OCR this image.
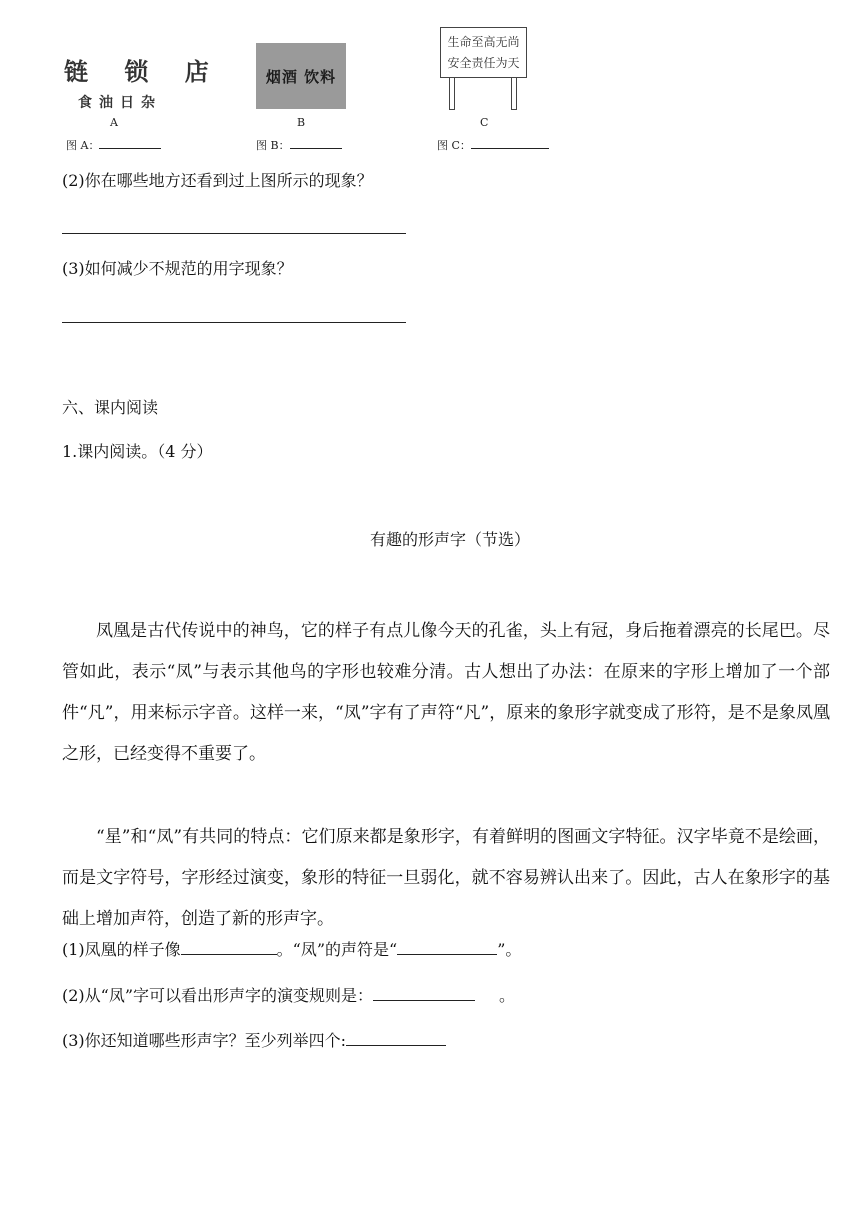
链 锁 店
食油日杂
A
图 A：
烟酒 饮料
B
图 B：
生命至高无尚
安全责任为天
C
图 C：
(2)你在哪些地方还看到过上图所示的现象？
(3)如何减少不规范的用字现象？
六、课内阅读
1.课内阅读。（4 分）
有趣的形声字（节选）
凤凰是古代传说中的神鸟，它的样子有点儿像今天的孔雀，头上有冠，身后拖着漂亮的长尾巴。尽管如此，表示“凤”与表示其他鸟的字形也较难分清。古人想出了办法：在原来的字形上增加了一个部件“凡”，用来标示字音。这样一来，“凤”字有了声符“凡”，原来的象形字就变成了形符，是不是象凤凰之形，已经变得不重要了。
“星”和“凤”有共同的特点：它们原来都是象形字，有着鲜明的图画文字特征。汉字毕竟不是绘画，而是文字符号，字形经过演变，象形的特征一旦弱化，就不容易辨认出来了。因此，古人在象形字的基础上增加声符，创造了新的形声字。
(1)凤凰的样子像	。“凤”的声符是“	”。
(2)从“凤”字可以看出形声字的演变规则是：	。
(3)你还知道哪些形声字？至少列举四个:
